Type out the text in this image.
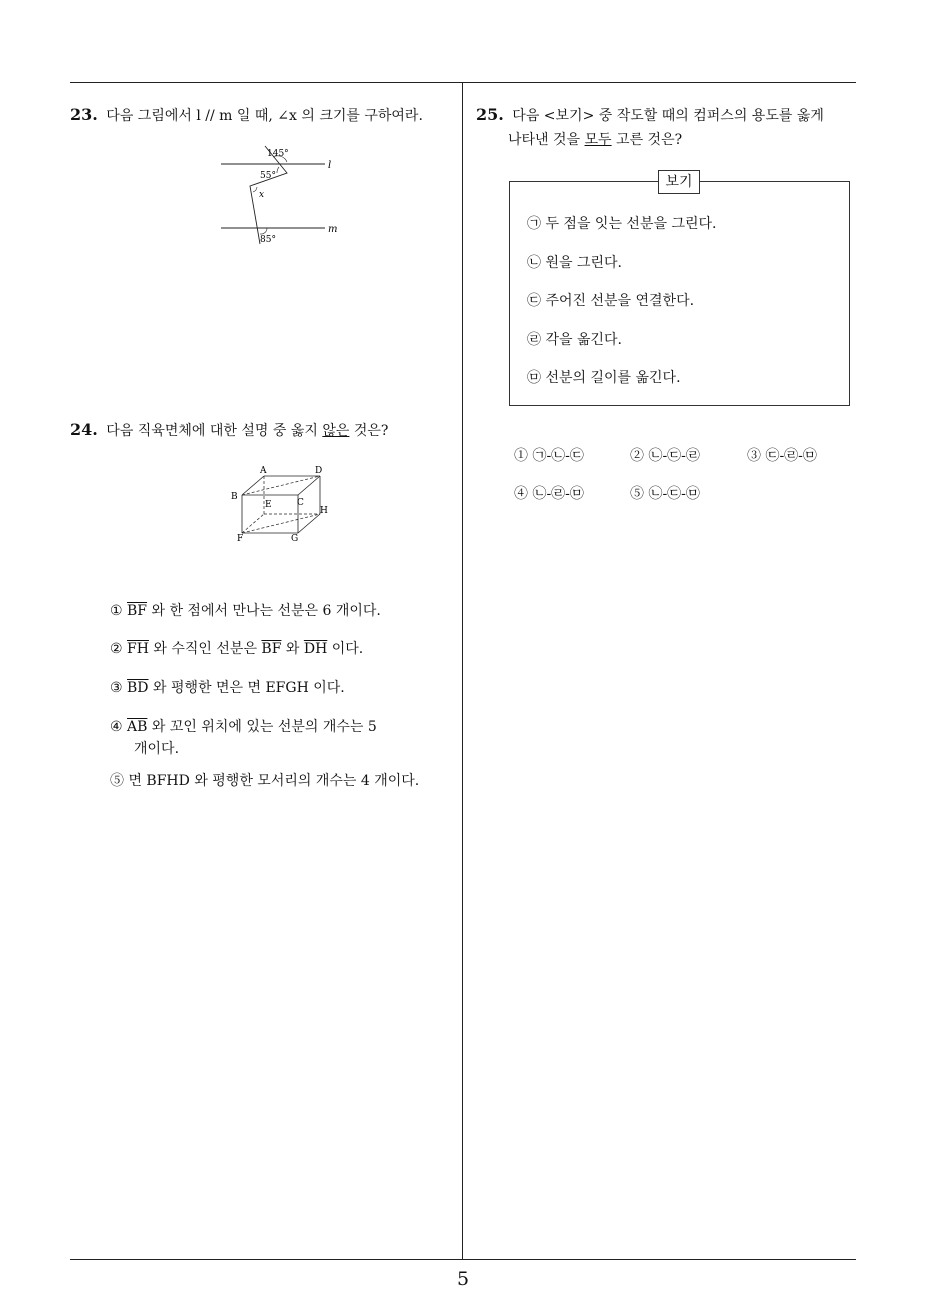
5
23. 다음 그림에서 l // m 일 때, ∠x 의 크기를 구하여라.
145°
55°
x
85°
l
m
24. 다음 직육면체에 대한 설명 중 옳지 않은 것은?
A	D
B
C
E
H
F	G
① $\overline{BF}$ 와 한 점에서 만나는 선분은 6 개이다.
② $\overline{FH}$ 와 수직인 선분은 $\overline{BF}$ 와 $\overline{DH}$ 이다.
③ $\overline{BD}$ 와 평행한 면은 면 EFGH 이다.
④ $\overline{AB}$ 와 꼬인 위치에 있는 선분의 개수는 5
개이다.
⑤ 면 BFHD 와 평행한 모서리의 개수는 4 개이다.
25. 다음 <보기> 중 작도할 때의 컴퍼스의 용도를 옳게
나타낸 것을 모두 고른 것은?
보기
㉠ 두 점을 잇는 선분을 그린다.
㉡ 원을 그린다.
㉢ 주어진 선분을 연결한다.
㉣ 각을 옮긴다.
㉤ 선분의 길이를 옮긴다.
① ㉠-㉡-㉢	② ㉡-㉢-㉣	③ ㉢-㉣-㉤
④ ㉡-㉣-㉤	⑤ ㉡-㉢-㉤
